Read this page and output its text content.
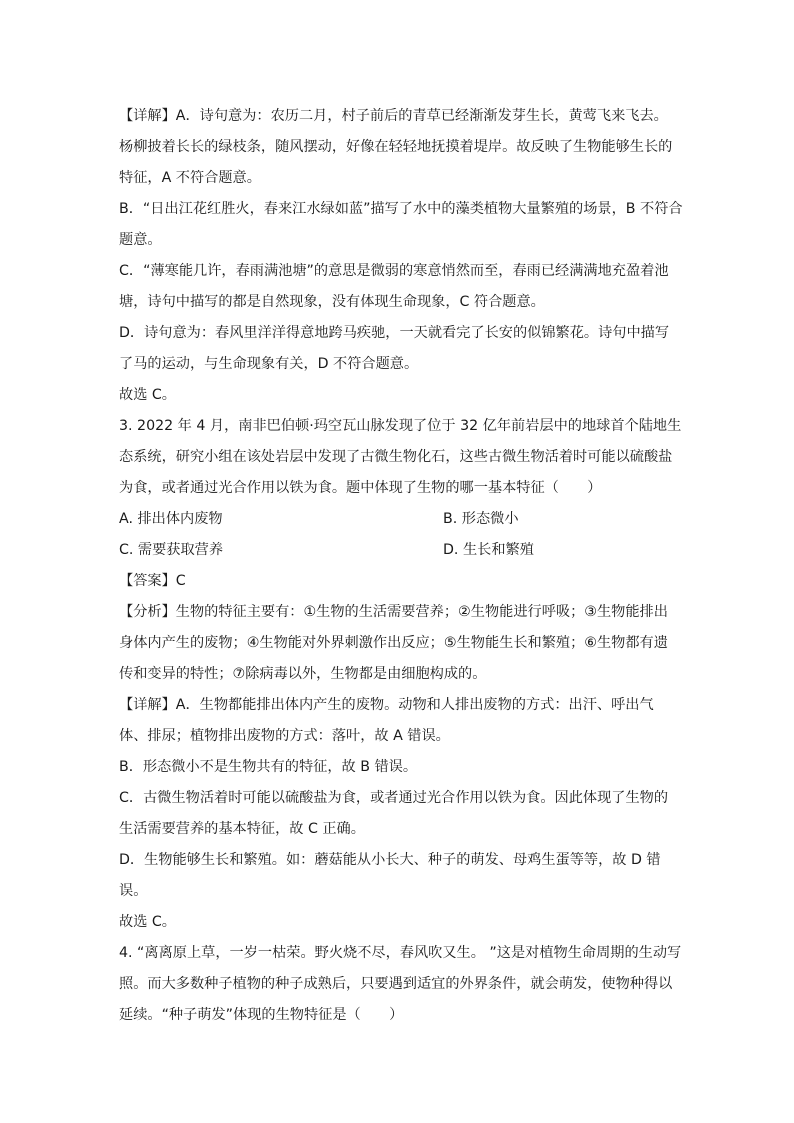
【详解】A．诗句意为：农历二月，村子前后的青草已经渐渐发芽生长，黄莺飞来飞去。
杨柳披着长长的绿枝条，随风摆动，好像在轻轻地抚摸着堤岸。故反映了生物能够生长的
特征，A 不符合题意。
B．“日出江花红胜火，春来江水绿如蓝”描写了水中的藻类植物大量繁殖的场景，B 不符合
题意。
C．“薄寒能几许，春雨满池塘”的意思是微弱的寒意悄然而至，春雨已经满满地充盈着池
塘，诗句中描写的都是自然现象，没有体现生命现象，C 符合题意。
D．诗句意为：春风里洋洋得意地跨马疾驰，一天就看完了长安的似锦繁花。诗句中描写
了马的运动，与生命现象有关，D 不符合题意。
故选 C。
3. 2022 年 4 月，南非巴伯顿·玛空瓦山脉发现了位于 32 亿年前岩层中的地球首个陆地生
态系统，研究小组在该处岩层中发现了古微生物化石，这些古微生物活着时可能以硫酸盐
为食，或者通过光合作用以铁为食。题中体现了生物的哪一基本特征（　　）
A. 排出体内废物	B. 形态微小
C. 需要获取营养	D. 生长和繁殖
【答案】C
【分析】生物的特征主要有：①生物的生活需要营养；②生物能进行呼吸；③生物能排出
身体内产生的废物；④生物能对外界刺激作出反应；⑤生物能生长和繁殖；⑥生物都有遗
传和变异的特性；⑦除病毒以外，生物都是由细胞构成的。
【详解】A．生物都能排出体内产生的废物。动物和人排出废物的方式：出汗、呼出气
体、排尿；植物排出废物的方式：落叶，故 A 错误。
B．形态微小不是生物共有的特征，故 B 错误。
C．古微生物活着时可能以硫酸盐为食，或者通过光合作用以铁为食。因此体现了生物的
生活需要营养的基本特征，故 C 正确。
D．生物能够生长和繁殖。如：蘑菇能从小长大、种子的萌发、母鸡生蛋等等，故 D 错
误。
故选 C。
4. “离离原上草，一岁一枯荣。野火烧不尽，春风吹又生。 ”这是对植物生命周期的生动写
照。而大多数种子植物的种子成熟后，只要遇到适宜的外界条件，就会萌发，使物种得以
延续。“种子萌发”体现的生物特征是（　　）
